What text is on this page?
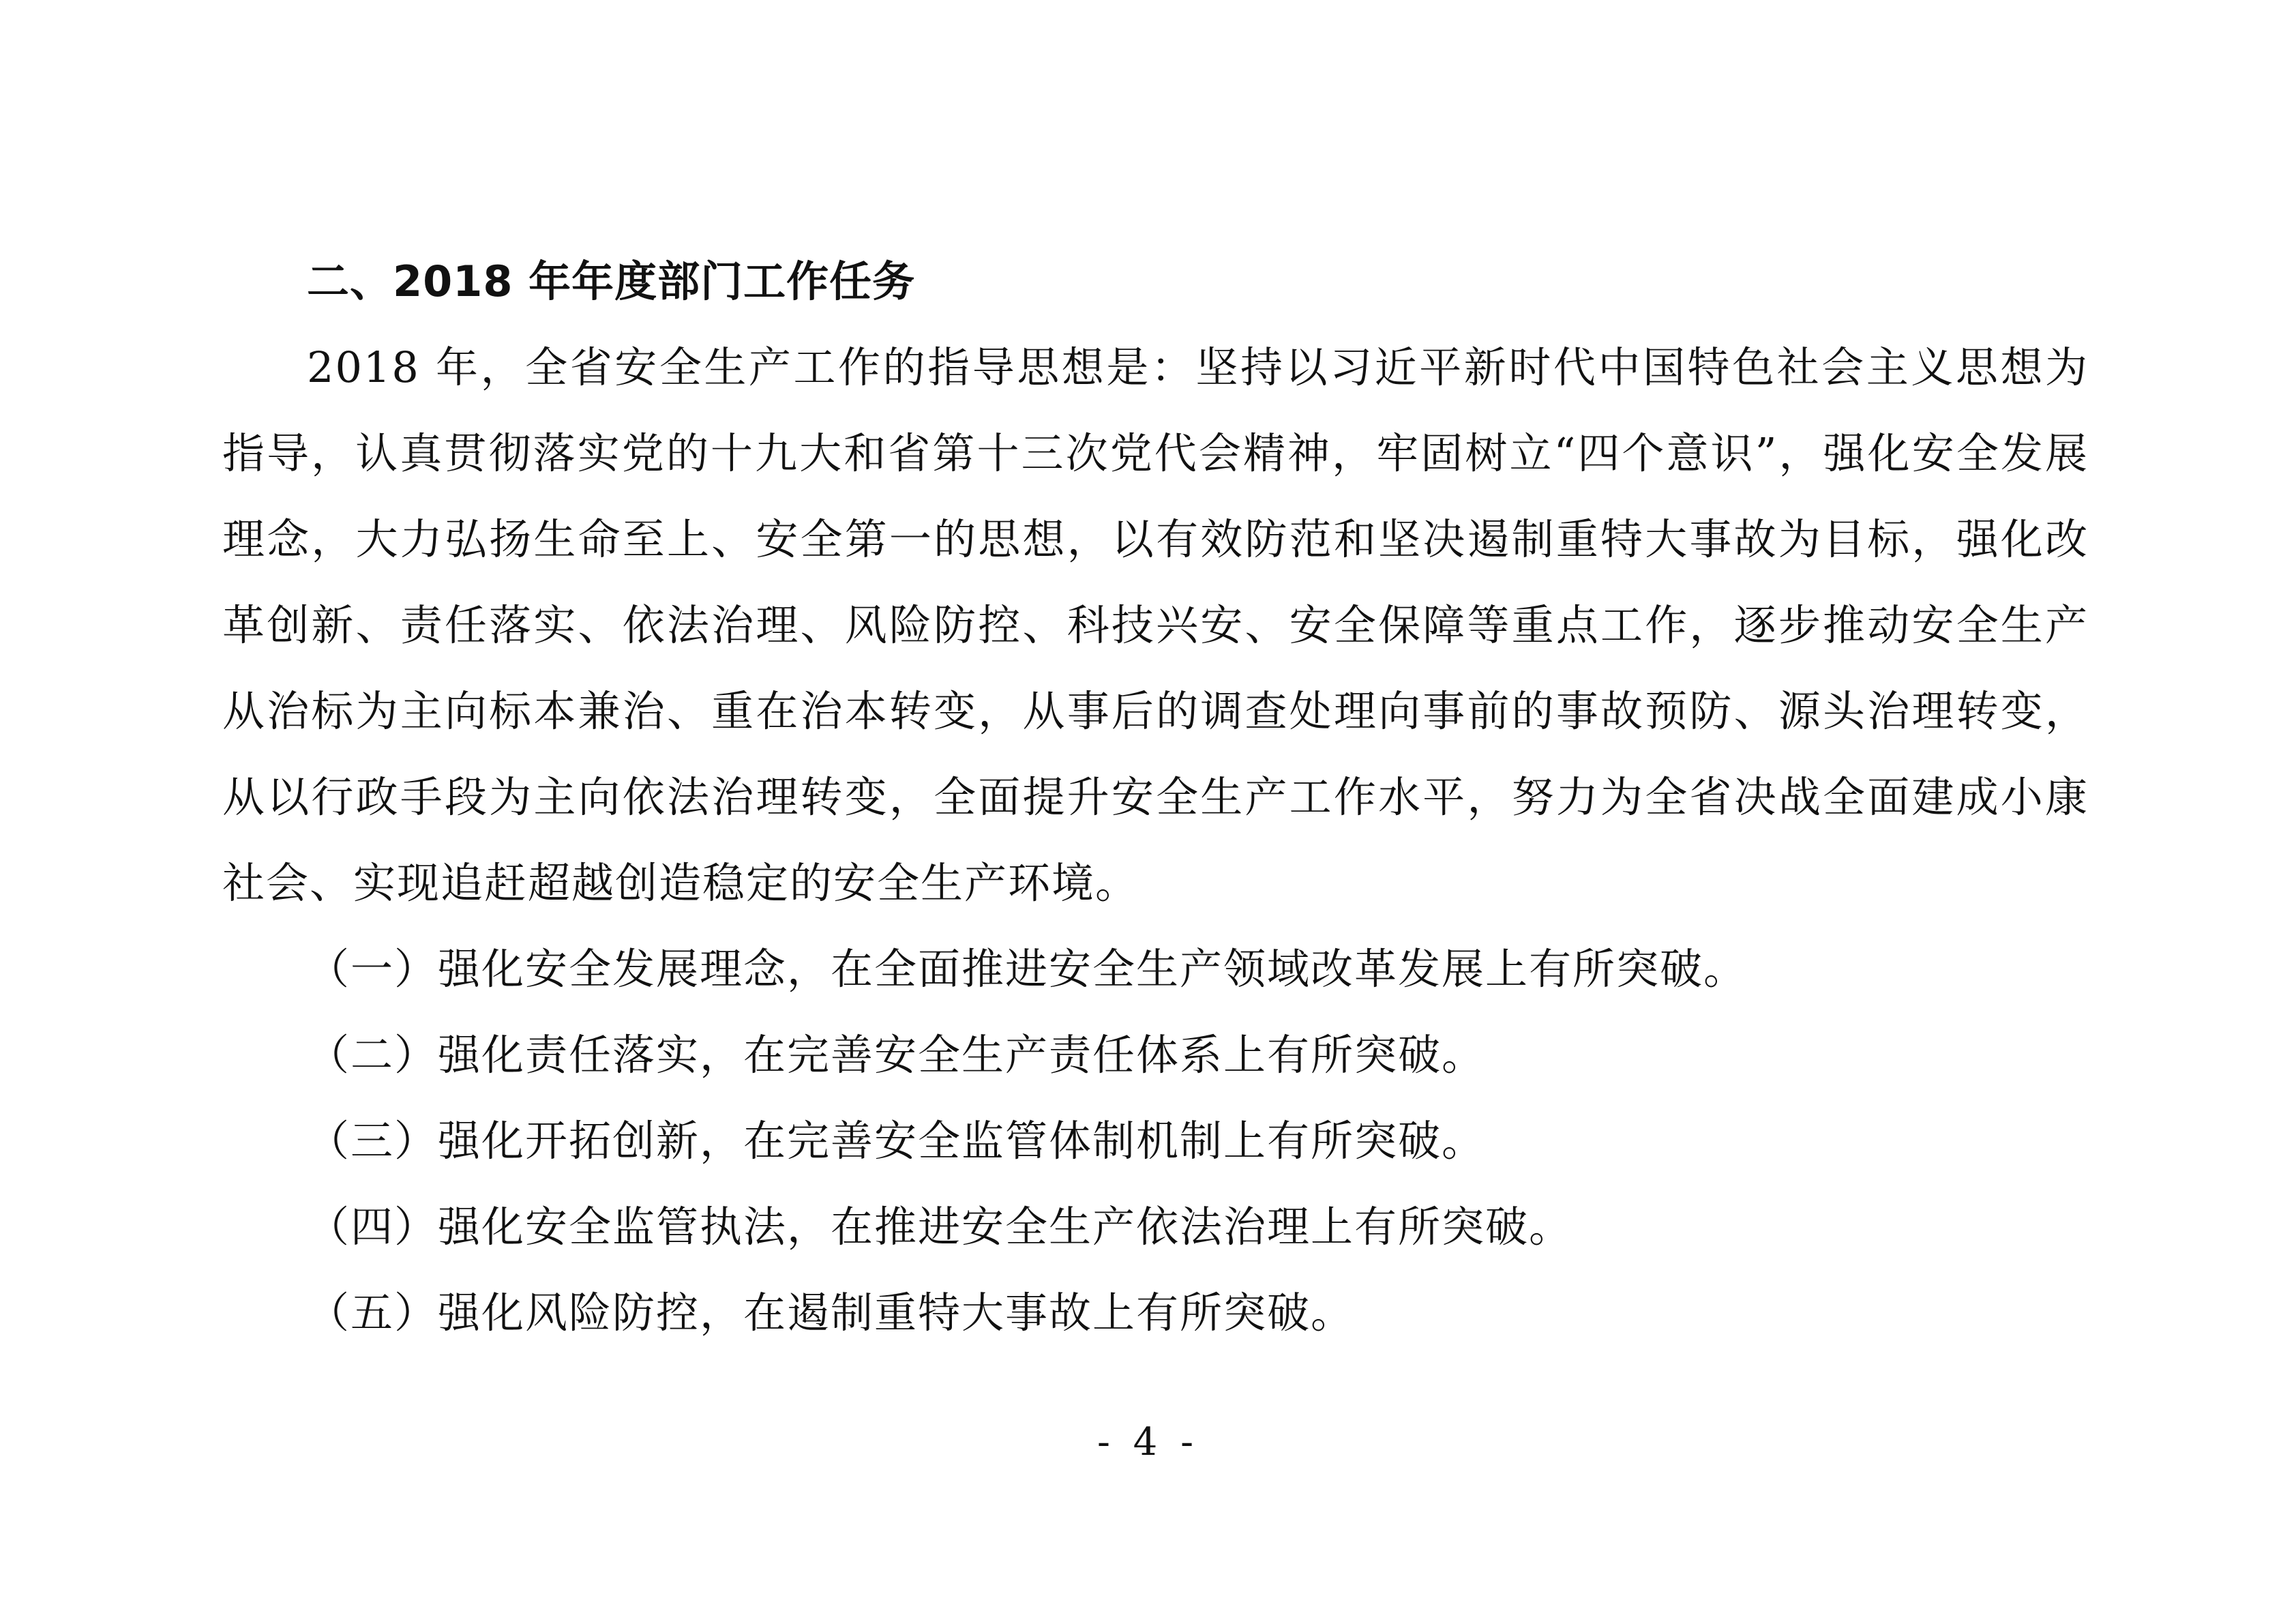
二、2018 年年度部门工作任务

2018 年，全省安全生产工作的指导思想是：坚持以习近平新时代中国特色社会主义思想为指导，认真贯彻落实党的十九大和省第十三次党代会精神，牢固树立“四个意识”，强化安全发展理念，大力弘扬生命至上、安全第一的思想，以有效防范和坚决遏制重特大事故为目标，强化改革创新、责任落实、依法治理、风险防控、科技兴安、安全保障等重点工作，逐步推动安全生产从治标为主向标本兼治、重在治本转变，从事后的调查处理向事前的事故预防、源头治理转变，从以行政手段为主向依法治理转变，全面提升安全生产工作水平，努力为全省决战全面建成小康社会、实现追赶超越创造稳定的安全生产环境。

（一）强化安全发展理念，在全面推进安全生产领域改革发展上有所突破。
（二）强化责任落实，在完善安全生产责任体系上有所突破。
（三）强化开拓创新，在完善安全监管体制机制上有所突破。
（四）强化安全监管执法，在推进安全生产依法治理上有所突破。
（五）强化风险防控，在遏制重特大事故上有所突破。
- 4 -
